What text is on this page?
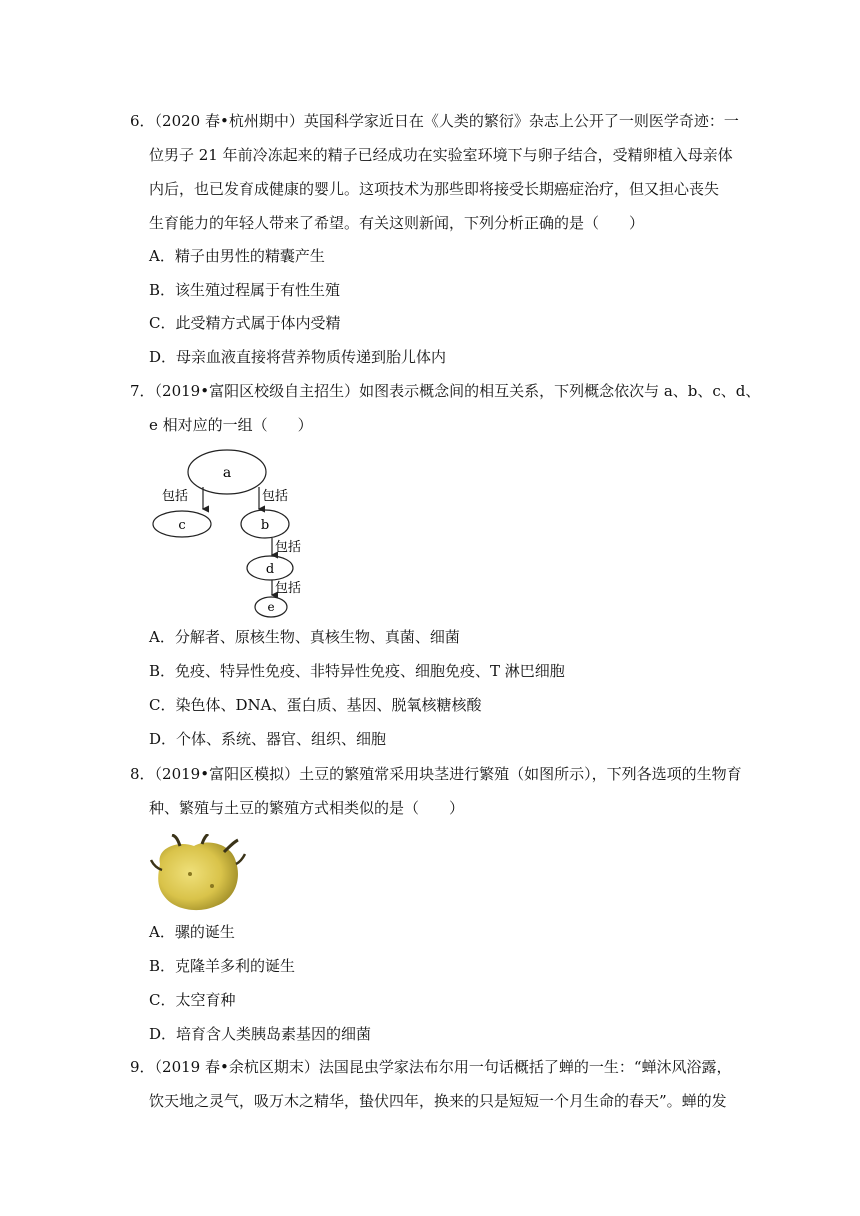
6．（2020 春•杭州期中）英国科学家近日在《人类的繁衍》杂志上公开了一则医学奇迹：一
位男子 21 年前冷冻起来的精子已经成功在实验室环境下与卵子结合，受精卵植入母亲体
内后，也已发育成健康的婴儿。这项技术为那些即将接受长期癌症治疗，但又担心丧失
生育能力的年轻人带来了希望。有关这则新闻，下列分析正确的是（　　）
A．精子由男性的精囊产生
B．该生殖过程属于有性生殖
C．此受精方式属于体内受精
D．母亲血液直接将营养物质传递到胎儿体内
7．（2019•富阳区校级自主招生）如图表示概念间的相互关系，下列概念依次与 a、b、c、d、
e 相对应的一组（　　）
a
包括	包括
c	b
包括
d
包括
e
A．分解者、原核生物、真核生物、真菌、细菌
B．免疫、特异性免疫、非特异性免疫、细胞免疫、T 淋巴细胞
C．染色体、DNA、蛋白质、基因、脱氧核糖核酸
D．个体、系统、器官、组织、细胞
8．（2019•富阳区模拟）土豆的繁殖常采用块茎进行繁殖（如图所示），下列各选项的生物育
种、繁殖与土豆的繁殖方式相类似的是（　　）
A．骡的诞生
B．克隆羊多利的诞生
C．太空育种
D．培育含人类胰岛素基因的细菌
9．（2019 春•余杭区期末）法国昆虫学家法布尔用一句话概括了蝉的一生：“蝉沐风浴露，
饮天地之灵气，吸万木之精华，蛰伏四年，换来的只是短短一个月生命的春天”。蝉的发
